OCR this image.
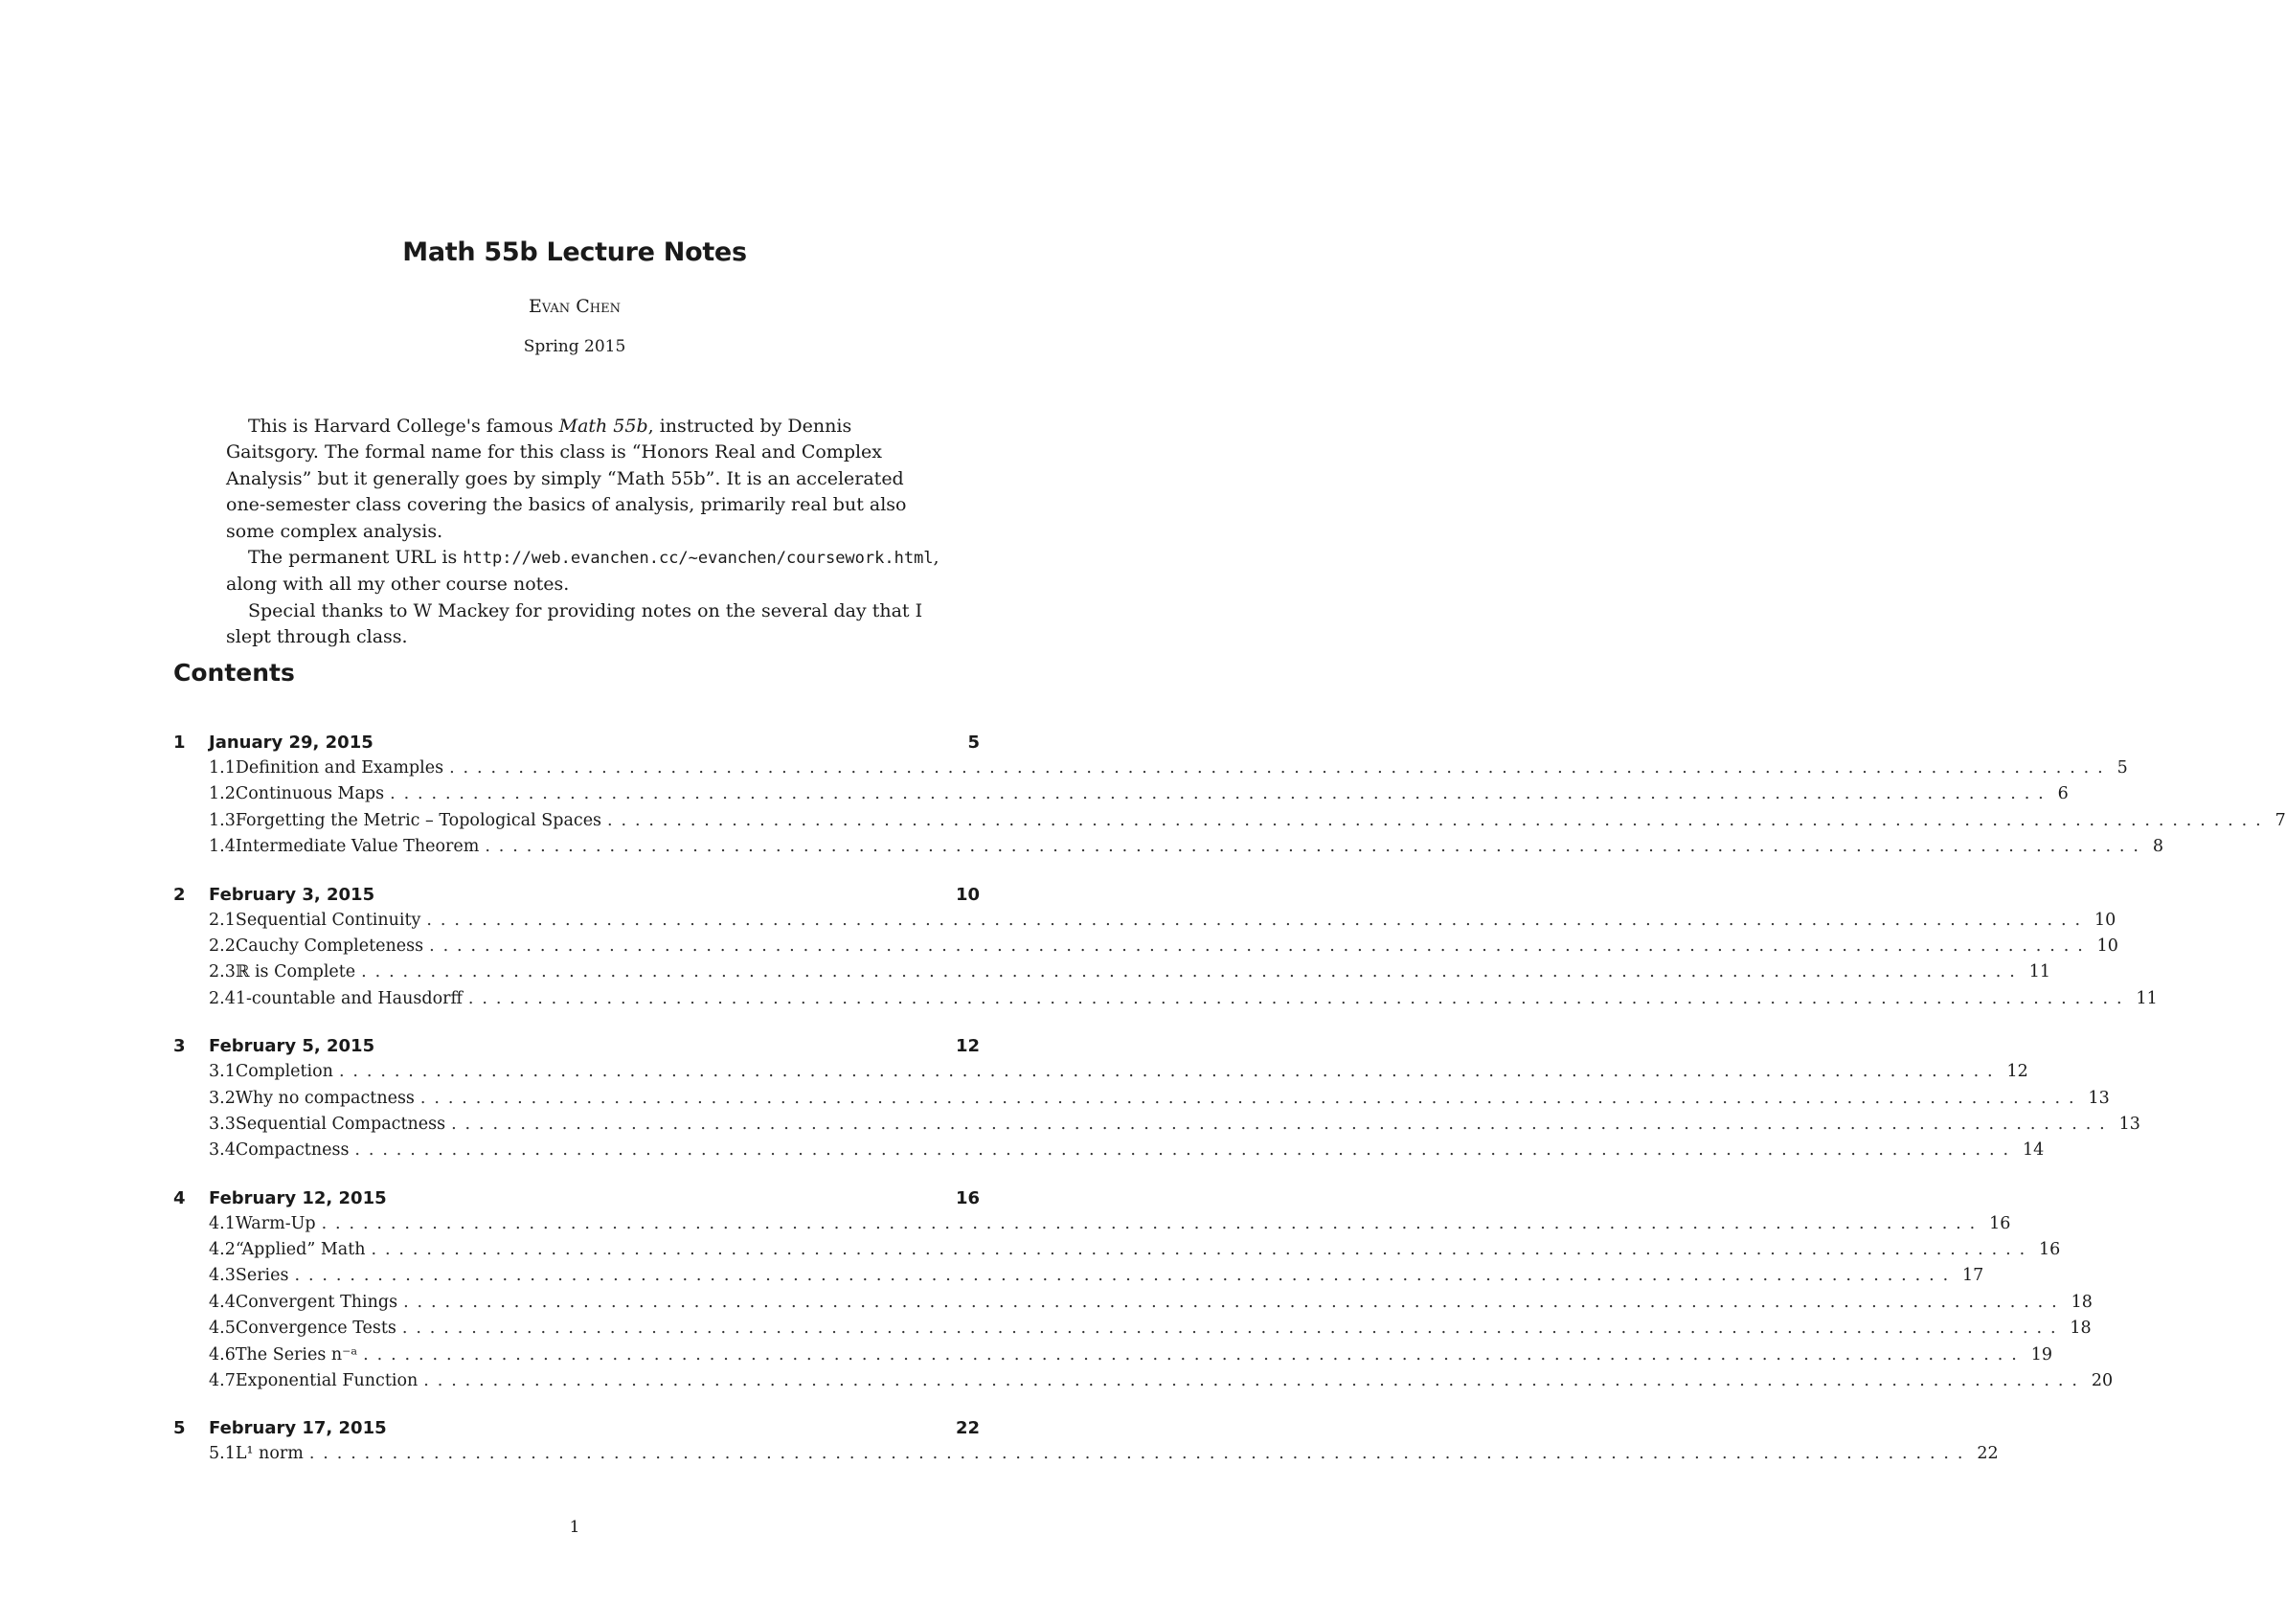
Math 55b Lecture Notes
Evan Chen
Spring 2015

This is Harvard College's famous Math 55b, instructed by Dennis Gaitsgory. The formal name for this class is “Honors Real and Complex Analysis” but it generally goes by simply “Math 55b”. It is an accelerated one-semester class covering the basics of analysis, primarily real but also some complex analysis.

The permanent URL is http://web.evanchen.cc/~evanchen/coursework.html, along with all my other course notes.

Special thanks to W Mackey for providing notes on the several day that I slept through class.

Contents
1	January 29, 2015	5
1.1 Definition and Examples ........................................................................................................................ 5
1.2 Continuous Maps ........................................................................................................................ 6
1.3 Forgetting the Metric – Topological Spaces ........................................................................................................................ 7
1.4 Intermediate Value Theorem ........................................................................................................................ 8
2	February 3, 2015	10
2.1 Sequential Continuity ........................................................................................................................ 10
2.2 Cauchy Completeness ........................................................................................................................ 10
2.3 ℝ is Complete ........................................................................................................................ 11
2.4 1-countable and Hausdorff ........................................................................................................................ 11
3	February 5, 2015	12
3.1 Completion ........................................................................................................................ 12
3.2 Why no compactness ........................................................................................................................ 13
3.3 Sequential Compactness ........................................................................................................................ 13
3.4 Compactness ........................................................................................................................ 14
4	February 12, 2015	16
4.1 Warm-Up ........................................................................................................................ 16
4.2 “Applied” Math ........................................................................................................................ 16
4.3 Series ........................................................................................................................ 17
4.4 Convergent Things ........................................................................................................................ 18
4.5 Convergence Tests ........................................................................................................................ 18
4.6 The Series n⁻ᵃ ........................................................................................................................ 19
4.7 Exponential Function ........................................................................................................................ 20
5	February 17, 2015	22
5.1 L¹ norm ........................................................................................................................ 22
1
